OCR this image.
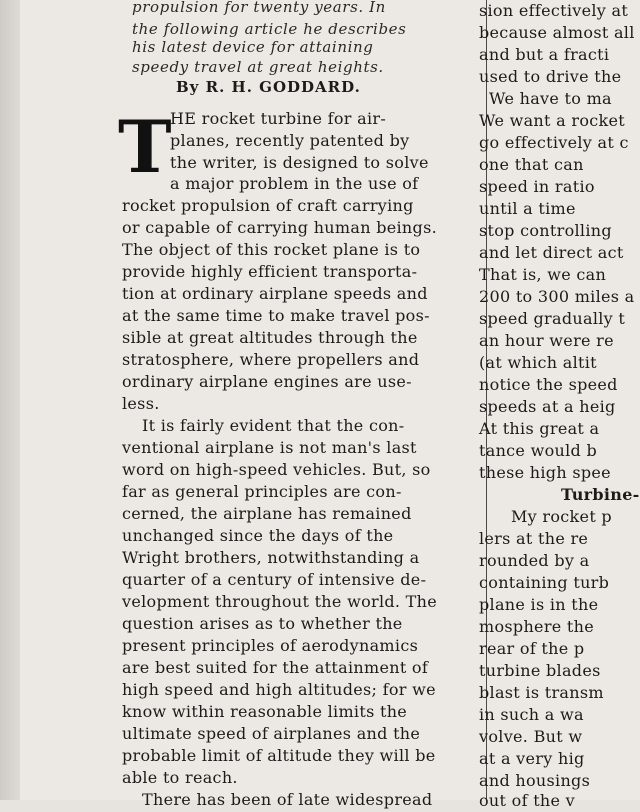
propulsion for twenty years. In
the following article he describes
his latest device for attaining
speedy travel at great heights.
By R. H. GODDARD.
T
HE rocket turbine for air-
planes, recently patented by
the writer, is designed to solve
a major problem in the use of
rocket propulsion of craft carrying
or capable of carrying human beings.
The object of this rocket plane is to
provide highly efficient transporta-
tion at ordinary airplane speeds and
at the same time to make travel pos-
sible at great altitudes through the
stratosphere, where propellers and
ordinary airplane engines are use-
less.
It is fairly evident that the con-
ventional airplane is not man's last
word on high-speed vehicles. But, so
far as general principles are con-
cerned, the airplane has remained
unchanged since the days of the
Wright brothers, notwithstanding a
quarter of a century of intensive de-
velopment throughout the world. The
question arises as to whether the
present principles of aerodynamics
are best suited for the attainment of
high speed and high altitudes; for we
know within reasonable limits the
ultimate speed of airplanes and the
probable limit of altitude they will be
able to reach.
There has been of late widespread
sion effectively at
because almost all
and but a fracti
used to drive the
We have to ma
We want a rocket
go effectively at c
one that can
speed in ratio
until a time
stop controlling
and let direct act
That is, we can
200 to 300 miles a
speed gradually t
an hour were re
(at which altit
notice the speed
speeds at a heig
At this great a
tance would b
these high spee
Turbine-
My rocket p
lers at the re
rounded by a
containing turb
plane is in the
mosphere the
rear of the p
turbine blades
blast is transm
in such a wa
volve. But w
at a very hig
and housings
out of the v
